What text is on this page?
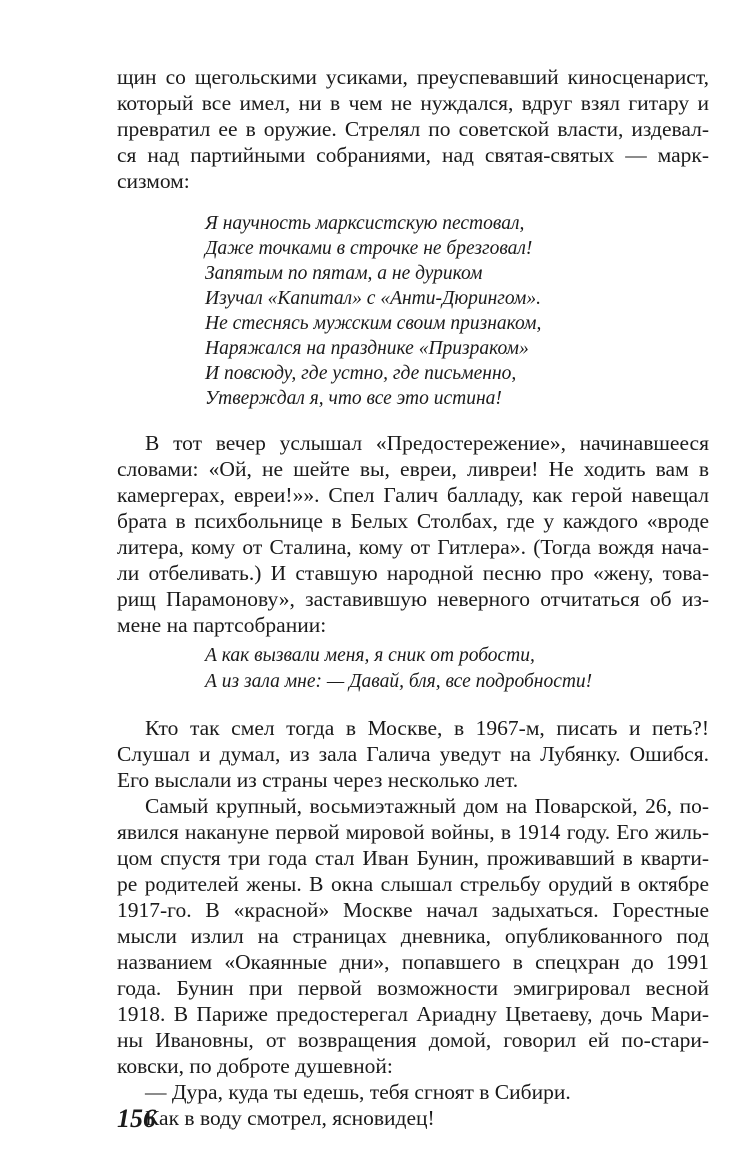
щин со щегольскими усиками, преуспевавший киносценарист,
который все имел, ни в чем не нуждался, вдруг взял гитару и
превратил ее в оружие. Стрелял по советской власти, издевал-
ся над партийными собраниями, над святая-святых — марк-
сизмом:
Я научность марксистскую пестовал,
Даже точками в строчке не брезговал!
Запятым по пятам, а не дуриком
Изучал «Капитал» с «Анти-Дюрингом».
Не стеснясь мужским своим признаком,
Наряжался на празднике «Призраком»
И повсюду, где устно, где письменно,
Утверждал я, что все это истина!
В тот вечер услышал «Предостережение», начинавшееся
словами: «Ой, не шейте вы, евреи, ливреи! Не ходить вам в
камергерах, евреи!»». Спел Галич балладу, как герой навещал
брата в психбольнице в Белых Столбах, где у каждого «вроде
литера, кому от Сталина, кому от Гитлера». (Тогда вождя нача-
ли отбеливать.) И ставшую народной песню про «жену, това-
рищ Парамонову», заставившую неверного отчитаться об из-
мене на партсобрании:
А как вызвали меня, я сник от робости,
А из зала мне: — Давай, бля, все подробности!
Кто так смел тогда в Москве, в 1967-м, писать и петь?!
Слушал и думал, из зала Галича уведут на Лубянку. Ошибся.
Его выслали из страны через несколько лет.
Самый крупный, восьмиэтажный дом на Поварской, 26, по-
явился накануне первой мировой войны, в 1914 году. Его жиль-
цом спустя три года стал Иван Бунин, проживавший в кварти-
ре родителей жены. В окна слышал стрельбу орудий в октябре
1917-го. В «красной» Москве начал задыхаться. Горестные
мысли излил на страницах дневника, опубликованного под
названием «Окаянные дни», попавшего в спецхран до 1991
года. Бунин при первой возможности эмигрировал весной
1918. В Париже предостерегал Ариадну Цветаеву, дочь Мари-
ны Ивановны, от возвращения домой, говорил ей по-стари-
ковски, по доброте душевной:
— Дура, куда ты едешь, тебя сгноят в Сибири.
Как в воду смотрел, ясновидец!
156
